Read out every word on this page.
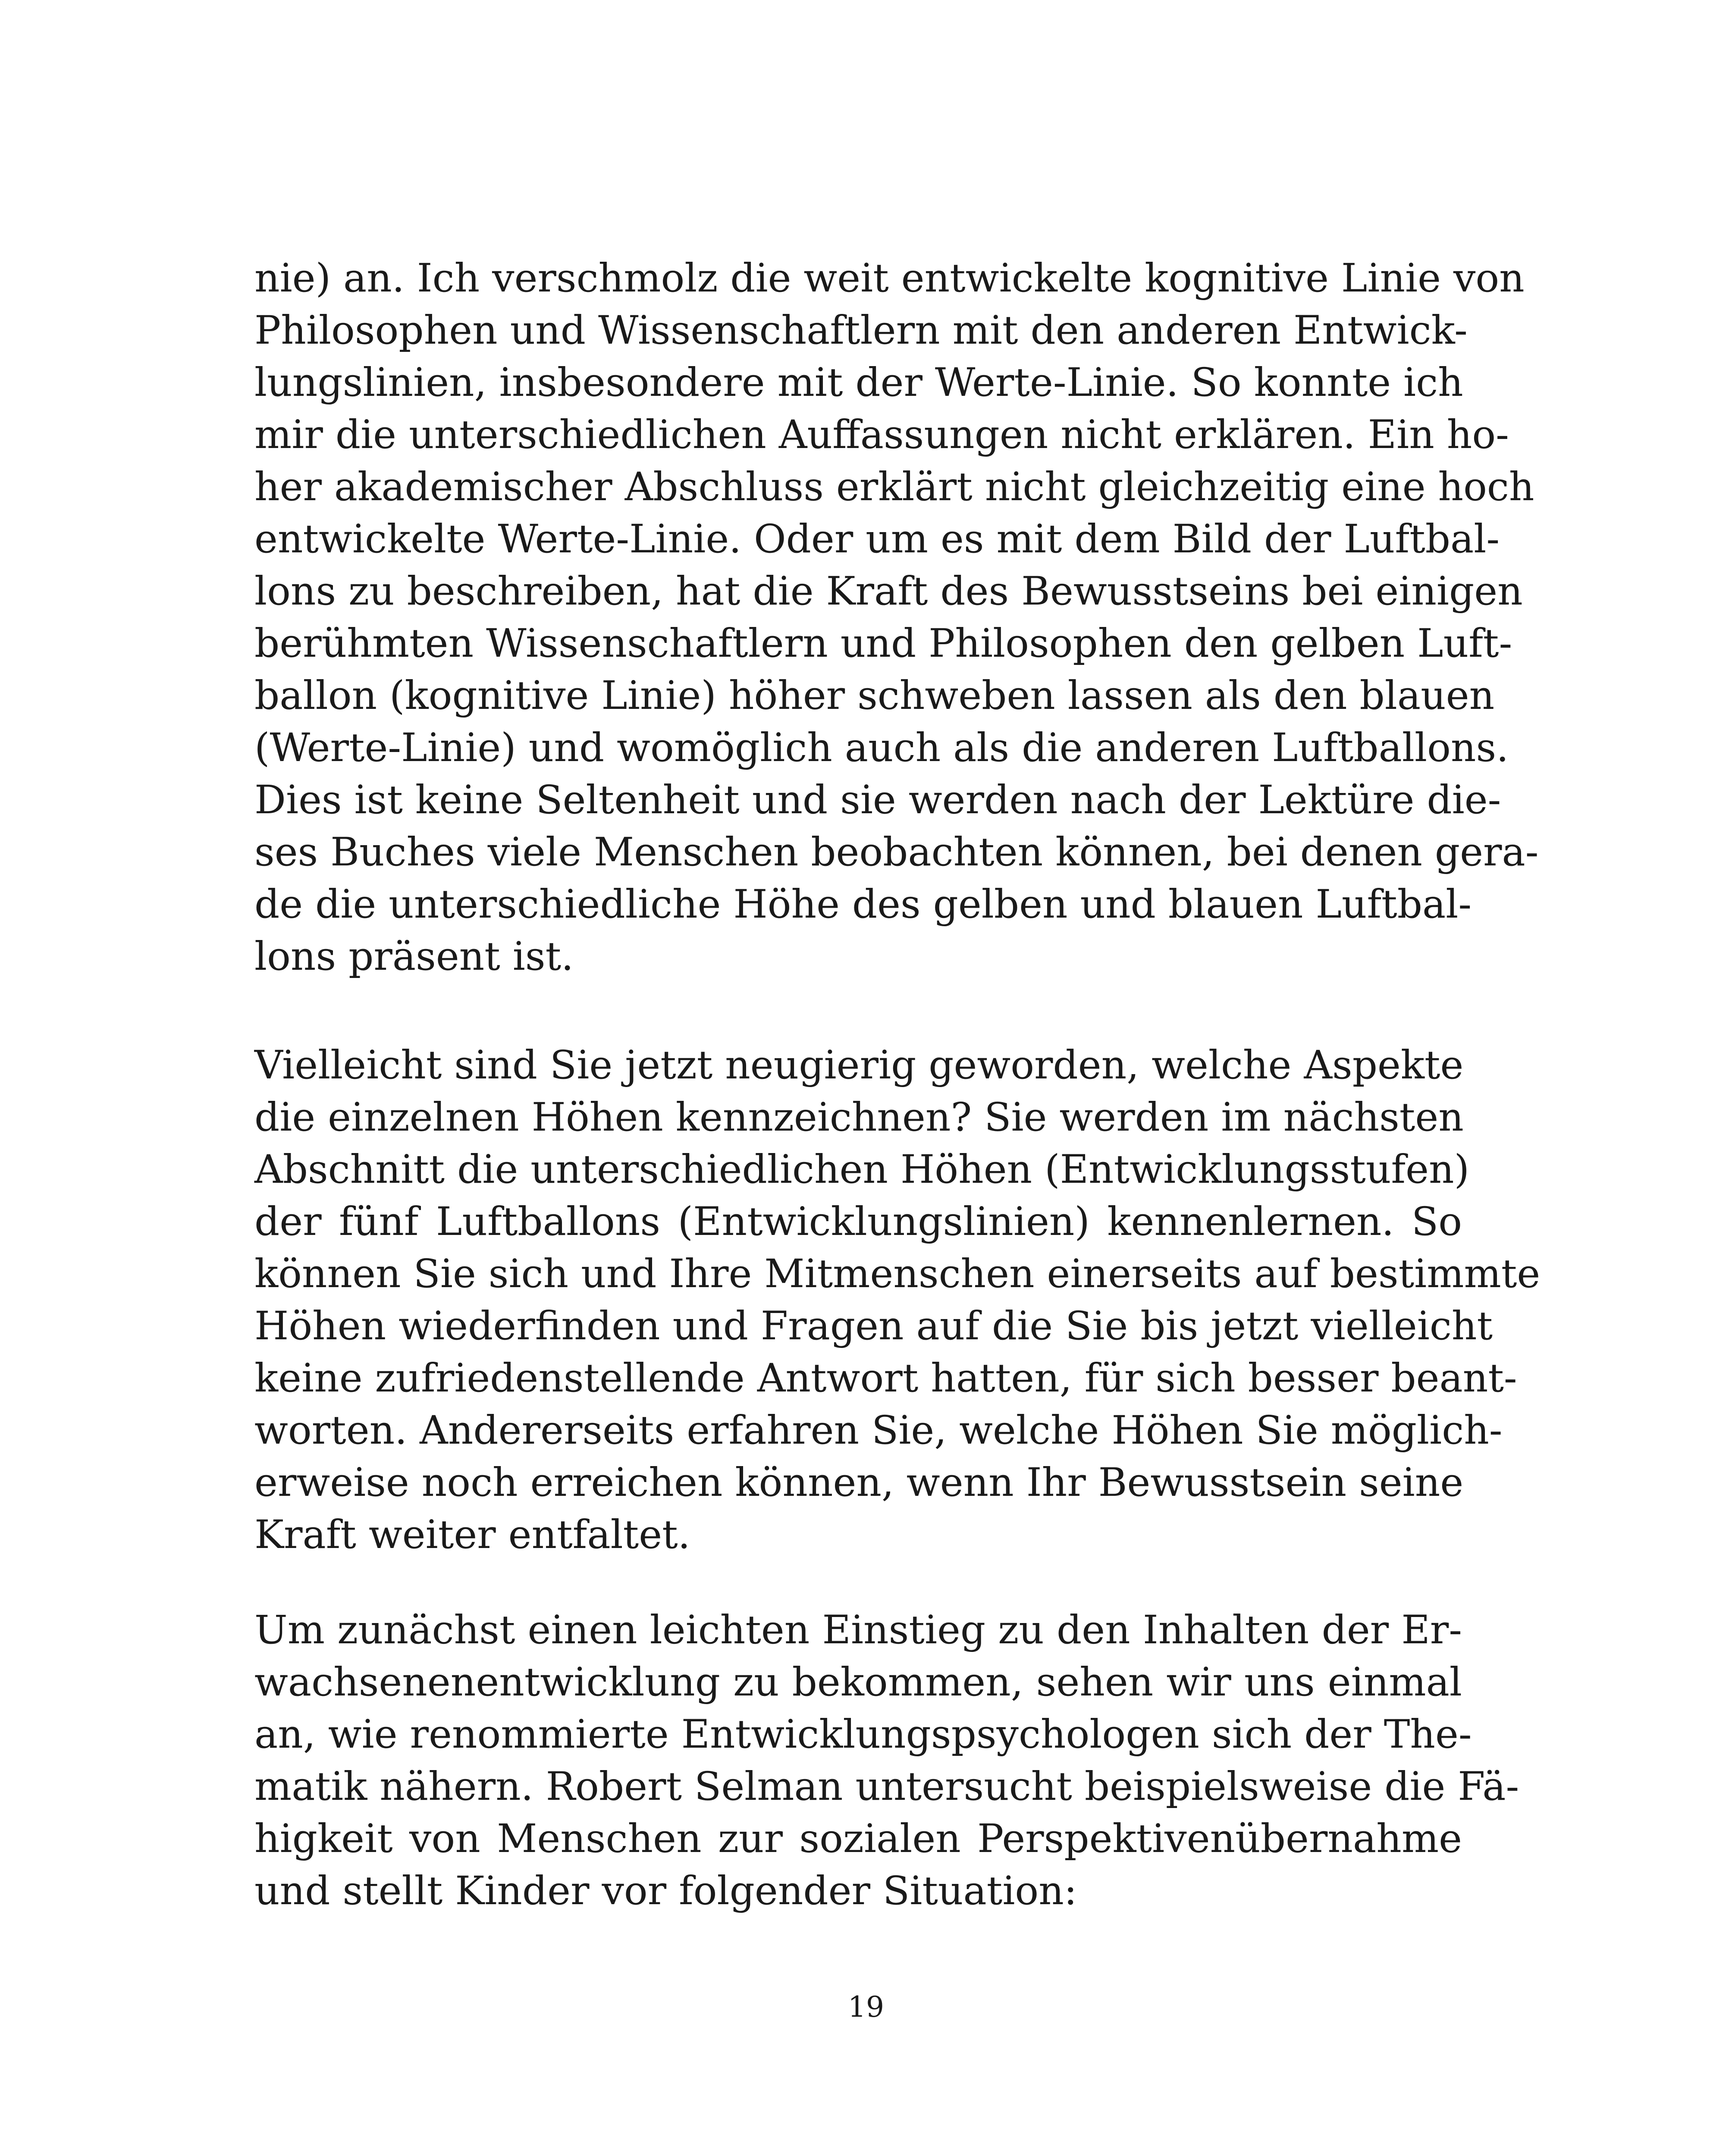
nie) an. Ich verschmolz die weit entwickelte kognitive Linie von
Philosophen und Wissenschaftlern mit den anderen Entwick-
lungslinien, insbesondere mit der Werte-Linie. So konnte ich
mir die unterschiedlichen Auffassungen nicht erklären. Ein ho-
her akademischer Abschluss erklärt nicht gleichzeitig eine hoch
entwickelte Werte-Linie. Oder um es mit dem Bild der Luftbal-
lons zu beschreiben, hat die Kraft des Bewusstseins bei einigen
berühmten Wissenschaftlern und Philosophen den gelben Luft-
ballon (kognitive Linie) höher schweben lassen als den blauen
(Werte-Linie) und womöglich auch als die anderen Luftballons.
Dies ist keine Seltenheit und sie werden nach der Lektüre die-
ses Buches viele Menschen beobachten können, bei denen gera-
de die unterschiedliche Höhe des gelben und blauen Luftbal-
lons präsent ist.
Vielleicht sind Sie jetzt neugierig geworden, welche Aspekte
die einzelnen Höhen kennzeichnen? Sie werden im nächsten
Abschnitt die unterschiedlichen Höhen (Entwicklungsstufen)
der fünf Luftballons (Entwicklungslinien) kennenlernen. So
können Sie sich und Ihre Mitmenschen einerseits auf bestimmte
Höhen wiederfinden und Fragen auf die Sie bis jetzt vielleicht
keine zufriedenstellende Antwort hatten, für sich besser beant-
worten. Andererseits erfahren Sie, welche Höhen Sie möglich-
erweise noch erreichen können, wenn Ihr Bewusstsein seine
Kraft weiter entfaltet.
Um zunächst einen leichten Einstieg zu den Inhalten der Er-
wachsenenentwicklung zu bekommen, sehen wir uns einmal
an, wie renommierte Entwicklungspsychologen sich der The-
matik nähern. Robert Selman untersucht beispielsweise die Fä-
higkeit von Menschen zur sozialen Perspektivenübernahme
und stellt Kinder vor folgender Situation:
19
